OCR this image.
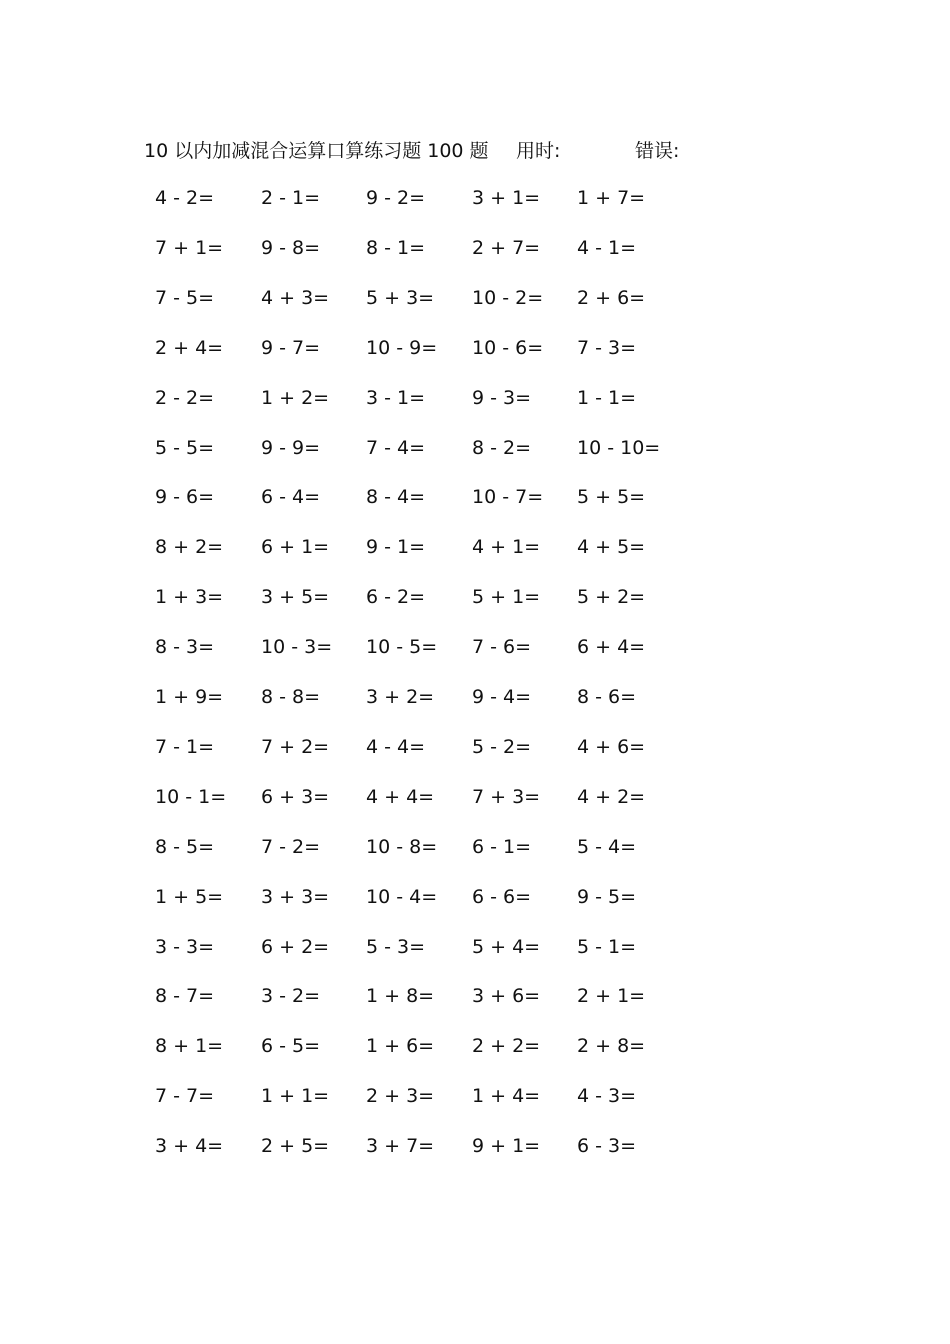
10 以内加减混合运算口算练习题 100 题 用时:	错误:
4 - 2= 2 - 1= 9 - 2= 3 + 1= 1 + 7=
7 + 1= 9 - 8= 8 - 1= 2 + 7= 4 - 1=
7 - 5= 4 + 3= 5 + 3= 10 - 2= 2 + 6=
2 + 4= 9 - 7= 10 - 9= 10 - 6= 7 - 3=
2 - 2= 1 + 2= 3 - 1= 9 - 3= 1 - 1=
5 - 5= 9 - 9= 7 - 4= 8 - 2= 10 - 10=
9 - 6= 6 - 4= 8 - 4= 10 - 7= 5 + 5=
8 + 2= 6 + 1= 9 - 1= 4 + 1= 4 + 5=
1 + 3= 3 + 5= 6 - 2= 5 + 1= 5 + 2=
8 - 3= 10 - 3= 10 - 5= 7 - 6= 6 + 4=
1 + 9= 8 - 8= 3 + 2= 9 - 4= 8 - 6=
7 - 1= 7 + 2= 4 - 4= 5 - 2= 4 + 6=
10 - 1= 6 + 3= 4 + 4= 7 + 3= 4 + 2=
8 - 5= 7 - 2= 10 - 8= 6 - 1= 5 - 4=
1 + 5= 3 + 3= 10 - 4= 6 - 6= 9 - 5=
3 - 3= 6 + 2= 5 - 3= 5 + 4= 5 - 1=
8 - 7= 3 - 2= 1 + 8= 3 + 6= 2 + 1=
8 + 1= 6 - 5= 1 + 6= 2 + 2= 2 + 8=
7 - 7= 1 + 1= 2 + 3= 1 + 4= 4 - 3=
3 + 4= 2 + 5= 3 + 7= 9 + 1= 6 - 3=
